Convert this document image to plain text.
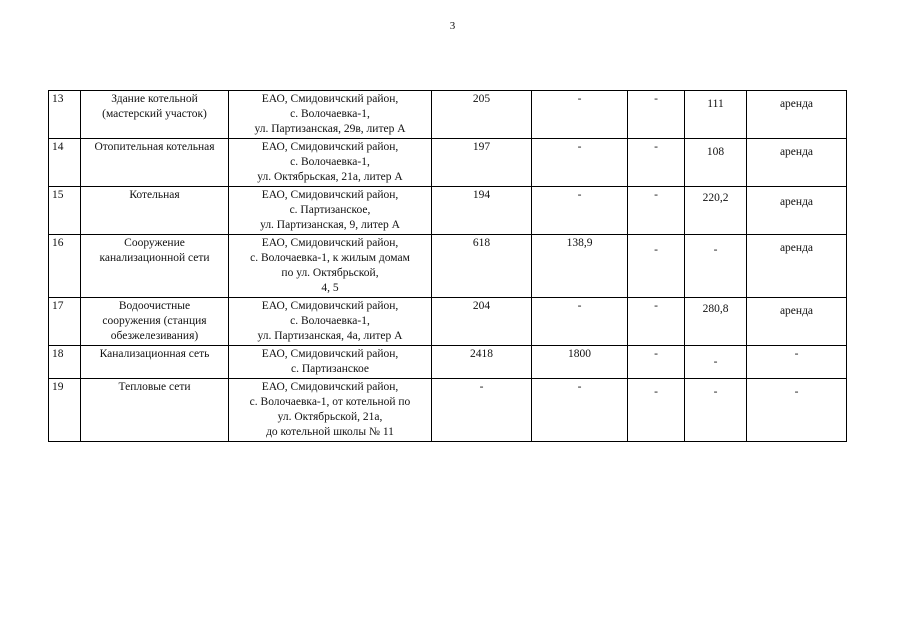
3
13	Здание котельной
(мастерский участок)	ЕАО, Смидовичский район,
с. Волочаевка-1,
ул. Партизанская, 29в, литер А	205	-	-	111	аренда
14	Отопительная котельная	ЕАО, Смидовичский район,
с. Волочаевка-1,
ул. Октябрьская, 21а, литер А	197	-	-	108	аренда
15	Котельная	ЕАО, Смидовичский район,
с. Партизанское,
ул. Партизанская, 9, литер А	194	-	-	220,2	аренда
16	Сооружение
канализационной сети	ЕАО, Смидовичский район,
с. Волочаевка-1, к жилым домам
по ул. Октябрьской,
4, 5	618	138,9	-	-	аренда
17	Водоочистные
сооружения (станция
обезжелезивания)	ЕАО, Смидовичский район,
с. Волочаевка-1,
ул. Партизанская, 4а, литер А	204	-	-	280,8	аренда
18	Канализационная сеть	ЕАО, Смидовичский район,
с. Партизанское	2418	1800	-	-	-
19	Тепловые сети	ЕАО, Смидовичский район,
с. Волочаевка-1, от котельной по
ул. Октябрьской, 21а,
до котельной школы № 11	-	-	-	-	-
